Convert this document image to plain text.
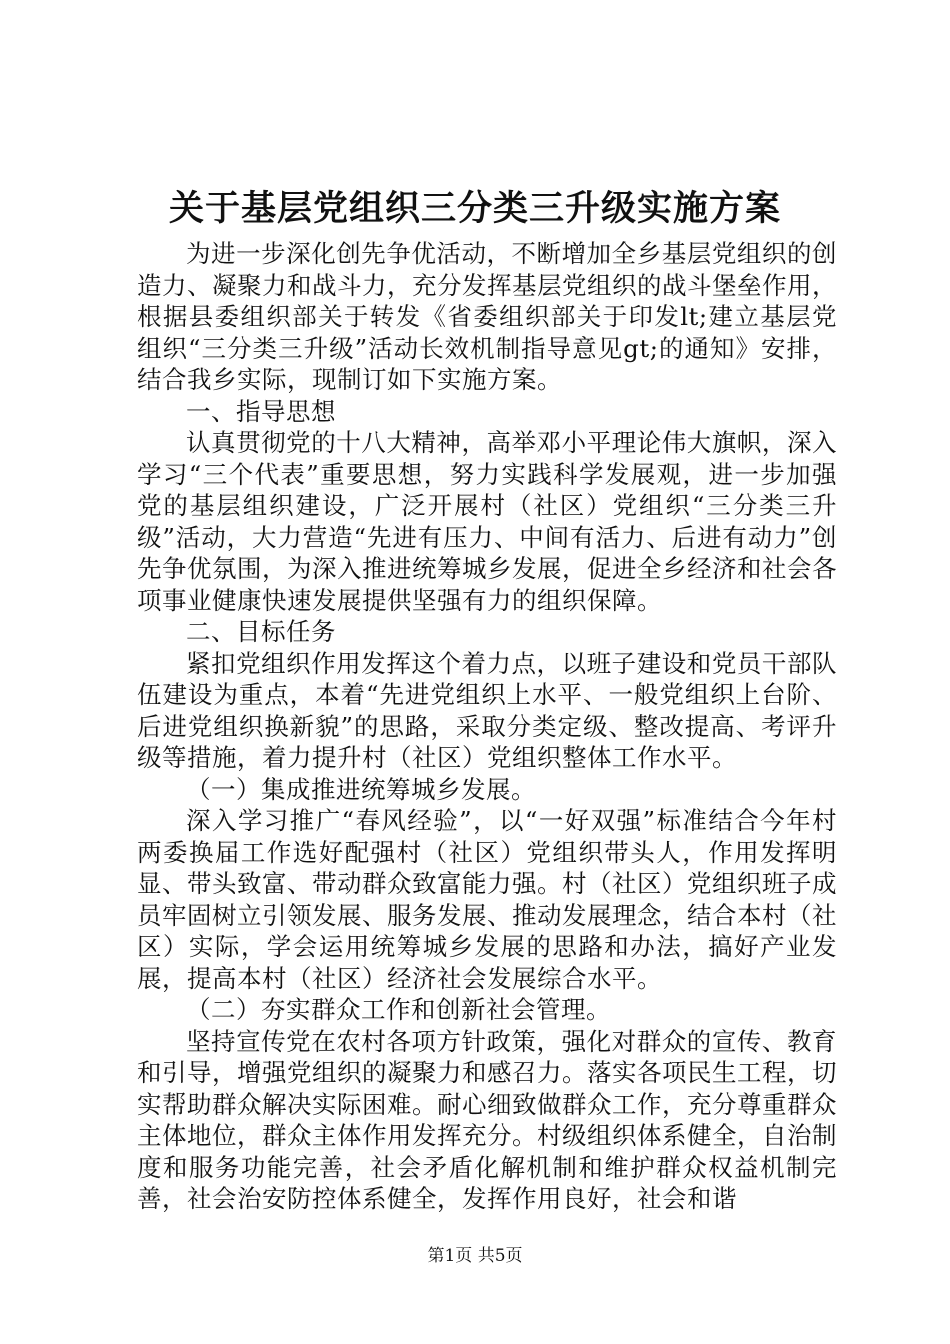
关于基层党组织三分类三升级实施方案

为进一步深化创先争优活动，不断增加全乡基层党组织的创造力、凝聚力和战斗力，充分发挥基层党组织的战斗堡垒作用，根据县委组织部关于转发《省委组织部关于印发lt;建立基层党组织“三分类三升级”活动长效机制指导意见gt;的通知》安排，结合我乡实际，现制订如下实施方案。

一、指导思想

认真贯彻党的十八大精神，高举邓小平理论伟大旗帜，深入学习“三个代表”重要思想，努力实践科学发展观，进一步加强党的基层组织建设，广泛开展村（社区）党组织“三分类三升级”活动，大力营造“先进有压力、中间有活力、后进有动力”创先争优氛围，为深入推进统筹城乡发展，促进全乡经济和社会各项事业健康快速发展提供坚强有力的组织保障。

二、目标任务

紧扣党组织作用发挥这个着力点，以班子建设和党员干部队伍建设为重点，本着“先进党组织上水平、一般党组织上台阶、后进党组织换新貌”的思路，采取分类定级、整改提高、考评升级等措施，着力提升村（社区）党组织整体工作水平。

（一）集成推进统筹城乡发展。

深入学习推广“春风经验”，以“一好双强”标准结合今年村两委换届工作选好配强村（社区）党组织带头人，作用发挥明显、带头致富、带动群众致富能力强。村（社区）党组织班子成员牢固树立引领发展、服务发展、推动发展理念，结合本村（社区）实际，学会运用统筹城乡发展的思路和办法，搞好产业发展，提高本村（社区）经济社会发展综合水平。

（二）夯实群众工作和创新社会管理。

坚持宣传党在农村各项方针政策，强化对群众的宣传、教育和引导，增强党组织的凝聚力和感召力。落实各项民生工程，切实帮助群众解决实际困难。耐心细致做群众工作，充分尊重群众主体地位，群众主体作用发挥充分。村级组织体系健全，自治制度和服务功能完善，社会矛盾化解机制和维护群众权益机制完善，社会治安防控体系健全，发挥作用良好，社会和谐

第1页 共5页
